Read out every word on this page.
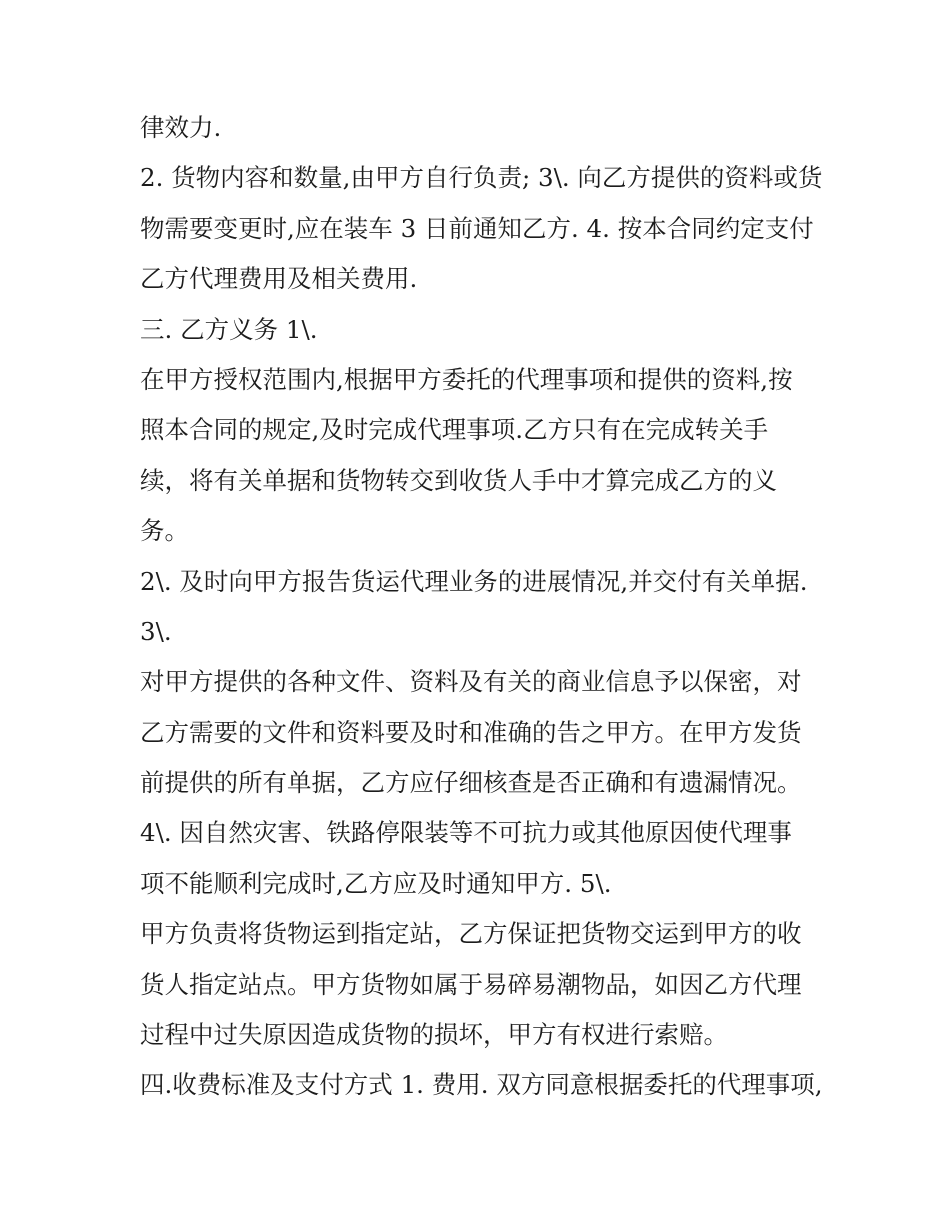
律效力.

2. 货物内容和数量,由甲方自行负责; 3\. 向乙方提供的资料或货

物需要变更时,应在装车 3 日前通知乙方. 4. 按本合同约定支付

乙方代理费用及相关费用.

三. 乙方义务 1\.

在甲方授权范围内,根据甲方委托的代理事项和提供的资料,按

照本合同的规定,及时完成代理事项.乙方只有在完成转关手

续，将有关单据和货物转交到收货人手中才算完成乙方的义

务。

2\. 及时向甲方报告货运代理业务的进展情况,并交付有关单据.

3\.

对甲方提供的各种文件、资料及有关的商业信息予以保密，对

乙方需要的文件和资料要及时和准确的告之甲方。在甲方发货

前提供的所有单据，乙方应仔细核查是否正确和有遗漏情况。

4\. 因自然灾害、铁路停限装等不可抗力或其他原因使代理事

项不能顺利完成时,乙方应及时通知甲方. 5\.

甲方负责将货物运到指定站，乙方保证把货物交运到甲方的收

货人指定站点。甲方货物如属于易碎易潮物品，如因乙方代理

过程中过失原因造成货物的损坏，甲方有权进行索赔。

四.收费标准及支付方式 1. 费用. 双方同意根据委托的代理事项,
